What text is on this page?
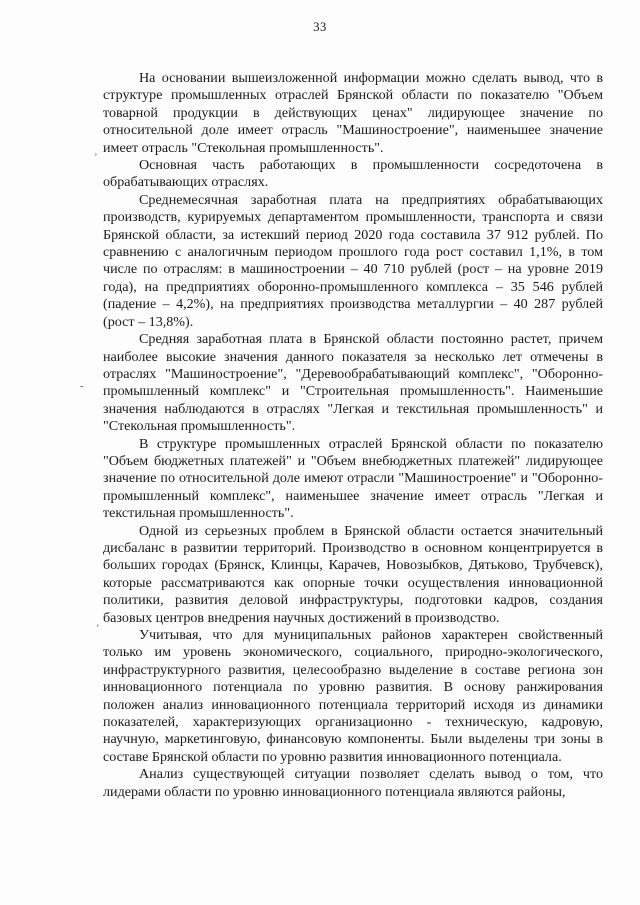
33
¸
-
¸

На основании вышеизложенной информации можно сделать вывод, что в структуре промышленных отраслей Брянской области по показателю "Объем товарной продукции в действующих ценах" лидирующее значение по относительной доле имеет отрасль "Машиностроение", наименьшее значение имеет отрасль "Стекольная промышленность".

Основная часть работающих в промышленности сосредоточена в обрабатывающих отраслях.

Среднемесячная заработная плата на предприятиях обрабатывающих производств, курируемых департаментом промышленности, транспорта и связи Брянской области, за истекший период 2020 года составила 37 912 рублей. По сравнению с аналогичным периодом прошлого года рост составил 1,1%, в том числе по отраслям: в машиностроении – 40 710 рублей (рост – на уровне 2019 года), на предприятиях оборонно-промышленного комплекса – 35 546 рублей (падение – 4,2%), на предприятиях производства металлургии – 40 287 рублей (рост – 13,8%).

Средняя заработная плата в Брянской области постоянно растет, причем наиболее высокие значения данного показателя за несколько лет отмечены в отраслях "Машиностроение", "Деревообрабатывающий комплекс", "Оборонно-промышленный комплекс" и "Строительная промышленность". Наименьшие значения наблюдаются в отраслях "Легкая и текстильная промышленность" и "Стекольная промышленность".

В структуре промышленных отраслей Брянской области по показателю "Объем бюджетных платежей" и "Объем внебюджетных платежей" лидирующее значение по относительной доле имеют отрасли "Машиностроение" и "Оборонно-промышленный комплекс", наименьшее значение имеет отрасль "Легкая и текстильная промышленность".

Одной из серьезных проблем в Брянской области остается значительный дисбаланс в развитии территорий. Производство в основном концентрируется в больших городах (Брянск, Клинцы, Карачев, Новозыбков, Дятьково, Трубчевск), которые рассматриваются как опорные точки осуществления инновационной политики, развития деловой инфраструктуры, подготовки кадров, создания базовых центров внедрения научных достижений в производство.

Учитывая, что для муниципальных районов характерен свойственный только им уровень экономического, социального, природно-экологического, инфраструктурного развития, целесообразно выделение в составе региона зон инновационного потенциала по уровню развития. В основу ранжирования положен анализ инновационного потенциала территорий исходя из динамики показателей, характеризующих организационно - техническую, кадровую, научную, маркетинговую, финансовую компоненты. Были выделены три зоны в составе Брянской области по уровню развития инновационного потенциала.

Анализ существующей ситуации позволяет сделать вывод о том, что лидерами области по уровню инновационного потенциала являются районы,
